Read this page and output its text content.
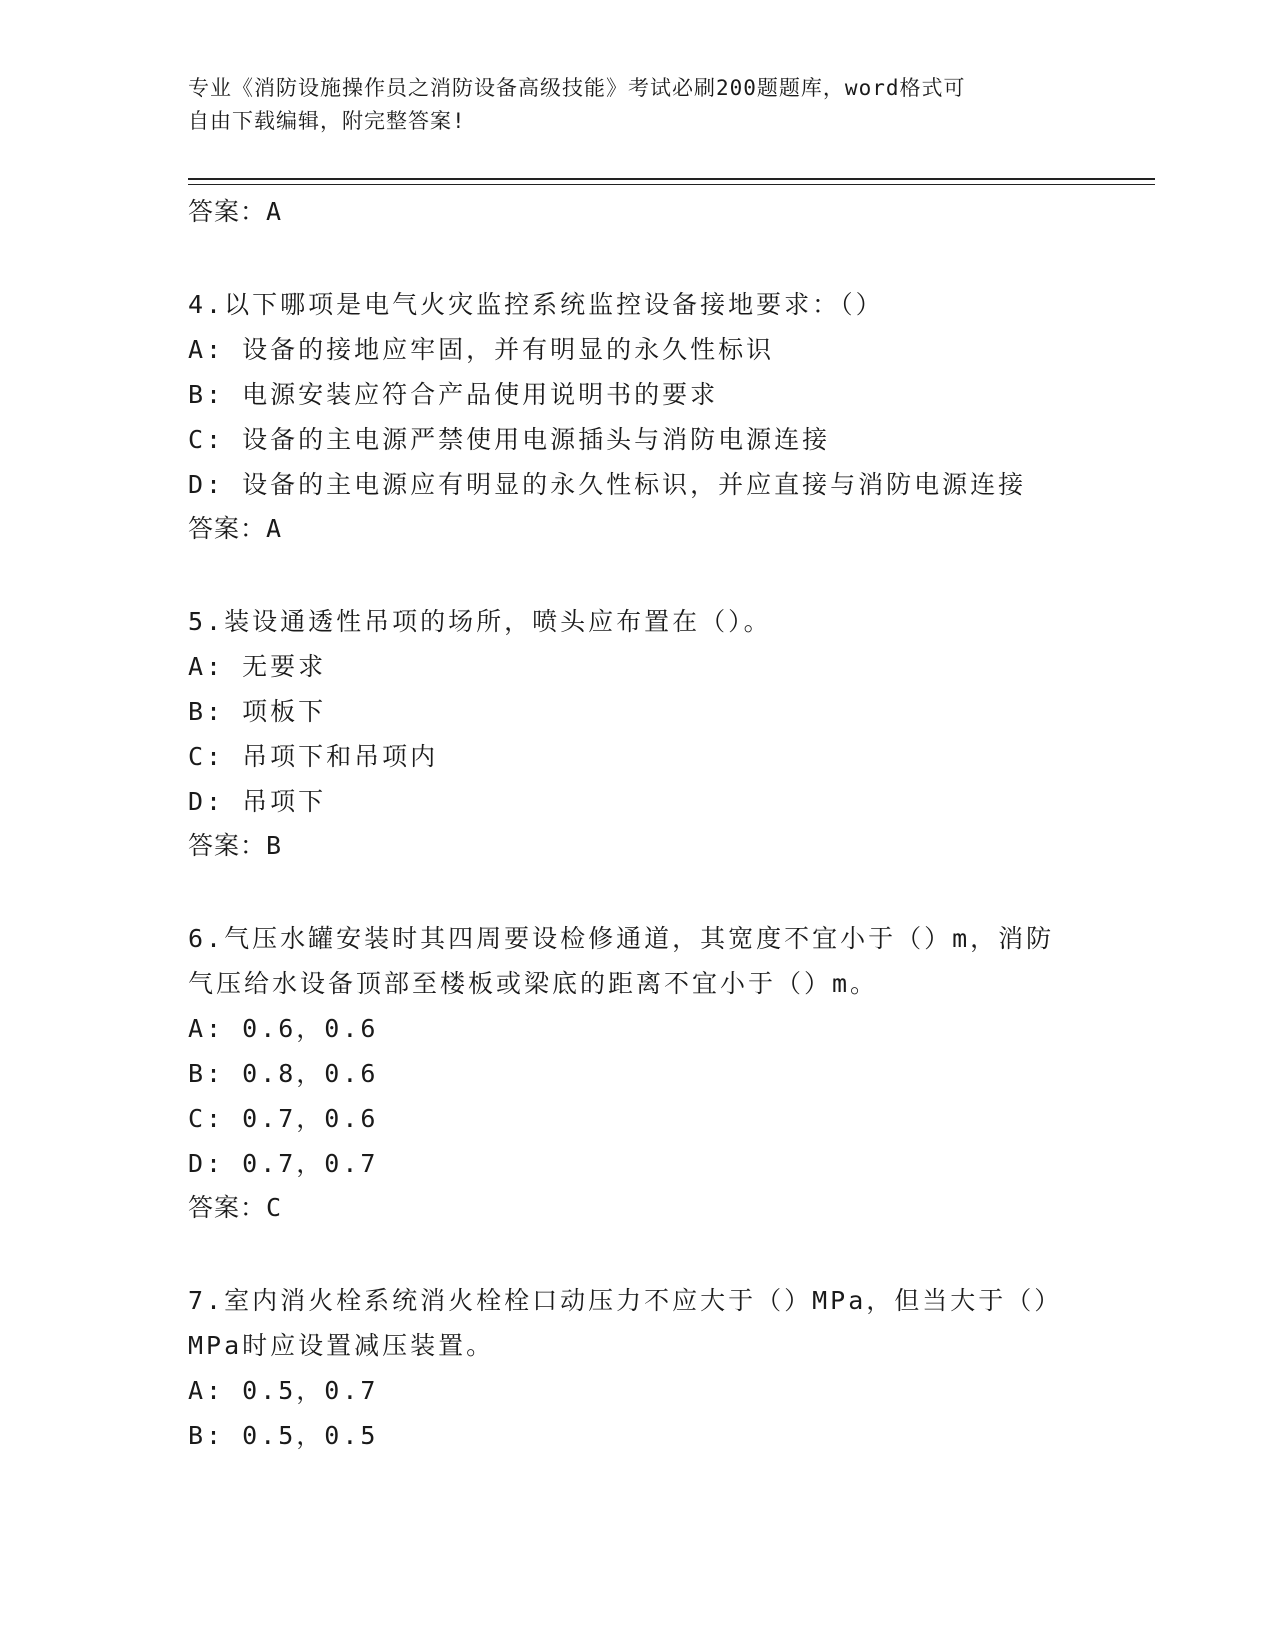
专业《消防设施操作员之消防设备高级技能》考试必刷200题题库，word格式可
自由下载编辑，附完整答案!
答案：A
4.以下哪项是电气火灾监控系统监控设备接地要求：（）
A: 设备的接地应牢固，并有明显的永久性标识
B: 电源安装应符合产品使用说明书的要求
C: 设备的主电源严禁使用电源插头与消防电源连接
D: 设备的主电源应有明显的永久性标识，并应直接与消防电源连接
答案：A
5.装设通透性吊项的场所，喷头应布置在（）。
A: 无要求
B: 项板下
C: 吊项下和吊项内
D: 吊项下
答案：B
6.气压水罐安装时其四周要设检修通道，其宽度不宜小于（）m，消防
气压给水设备顶部至楼板或梁底的距离不宜小于（）m。
A: 0.6，0.6
B: 0.8，0.6
C: 0.7，0.6
D: 0.7，0.7
答案：C
7.室内消火栓系统消火栓栓口动压力不应大于（）MPa，但当大于（）
MPa时应设置减压装置。
A: 0.5，0.7
B: 0.5，0.5
